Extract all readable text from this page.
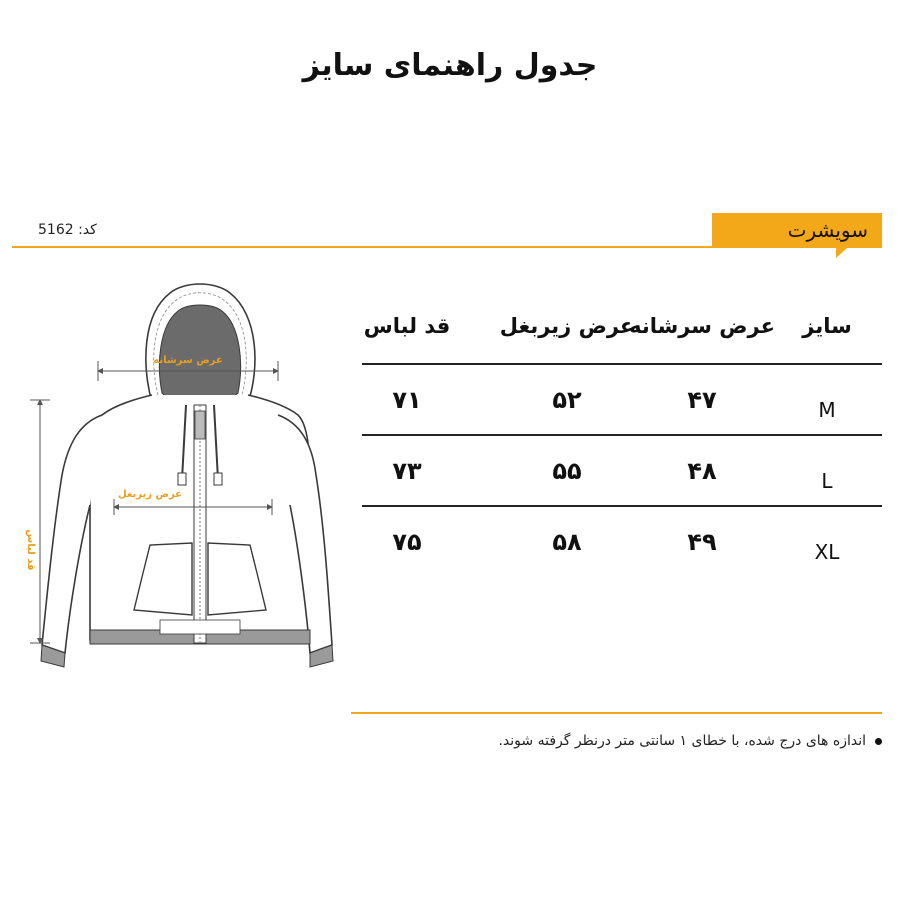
جدول راهنمای سایز
کد: 5162	سویشرت
عرض سرشانه
عرض زیربغل
قد لباس
سایز
عرض سرشانه
عرض زیربغل
قد لباس
M
۴۷
۵۲
۷۱
L
۴۸
۵۵
۷۳
XL
۴۹
۵۸
۷۵
اندازه های درج شده، با خطای ۱ سانتی متر درنظر گرفته شوند.
